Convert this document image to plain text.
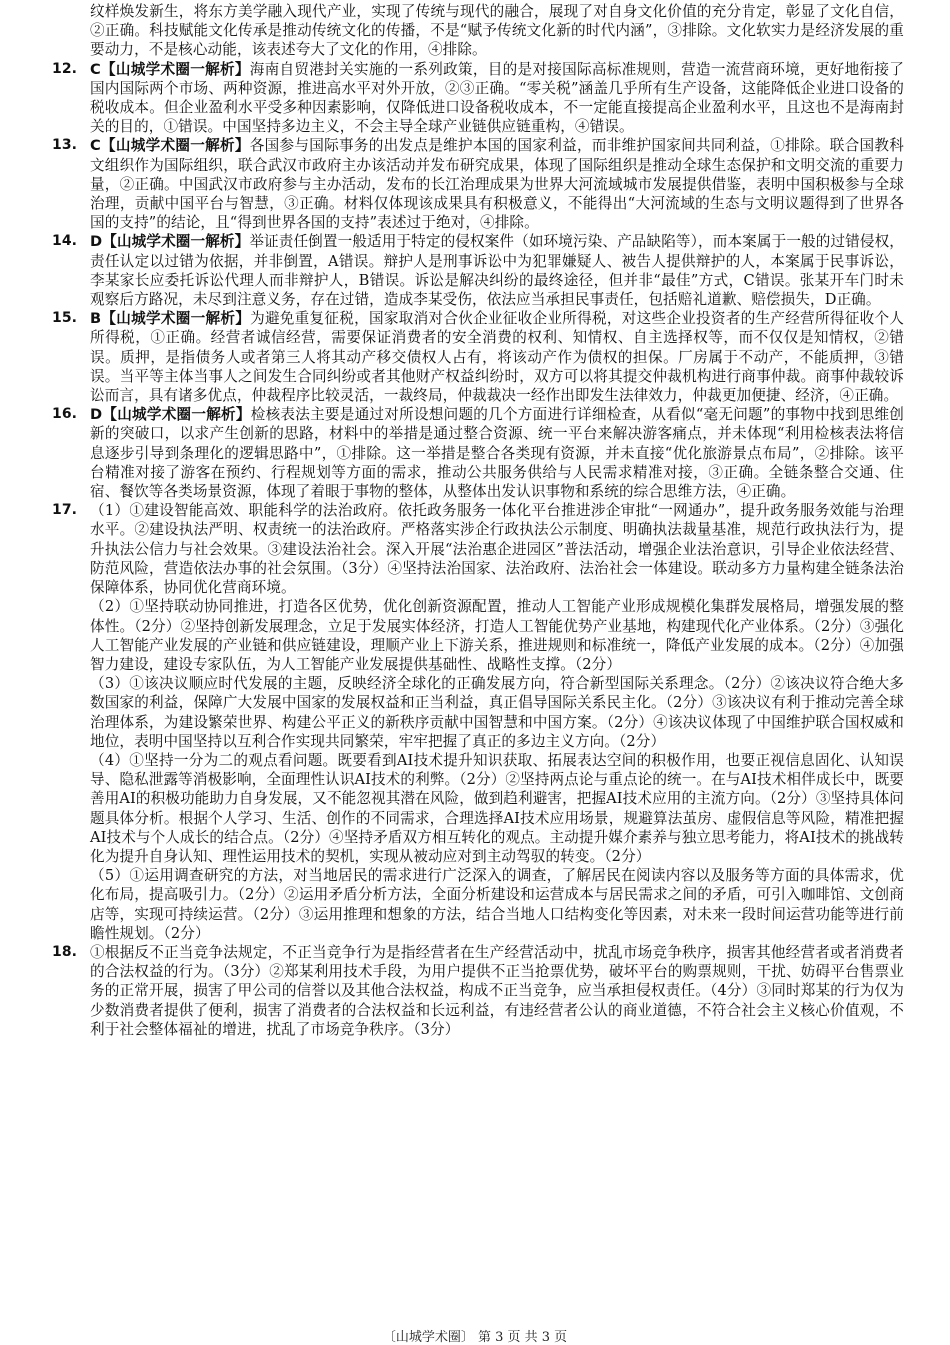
纹样焕发新生，将东方美学融入现代产业，实现了传统与现代的融合，展现了对自身文化价值的充分肯定，彰显了文化自信，②正确。科技赋能文化传承是推动传统文化的传播，不是“赋予传统文化新的时代内涵”，③排除。文化软实力是经济发展的重要动力，不是核心动能，该表述夸大了文化的作用，④排除。

12. C【山城学术圈一解析】海南自贸港封关实施的一系列政策，目的是对接国际高标准规则，营造一流营商环境，更好地衔接了国内国际两个市场、两种资源，推进高水平对外开放，②③正确。“零关税”涵盖几乎所有生产设备，这能降低企业进口设备的税收成本。但企业盈利水平受多种因素影响，仅降低进口设备税收成本，不一定能直接提高企业盈利水平，且这也不是海南封关的目的，①错误。中国坚持多边主义，不会主导全球产业链供应链重构，④错误。

13. C【山城学术圈一解析】各国参与国际事务的出发点是维护本国的国家利益，而非维护国家间共同利益，①排除。联合国教科文组织作为国际组织，联合武汉市政府主办该活动并发布研究成果，体现了国际组织是推动全球生态保护和文明交流的重要力量，②正确。中国武汉市政府参与主办活动，发布的长江治理成果为世界大河流域城市发展提供借鉴，表明中国积极参与全球治理，贡献中国平台与智慧，③正确。材料仅体现该成果具有积极意义，不能得出“大河流域的生态与文明议题得到了世界各国的支持”的结论，且“得到世界各国的支持”表述过于绝对，④排除。

14. D【山城学术圈一解析】举证责任倒置一般适用于特定的侵权案件（如环境污染、产品缺陷等），而本案属于一般的过错侵权，责任认定以过错为依据，并非倒置，A错误。辩护人是刑事诉讼中为犯罪嫌疑人、被告人提供辩护的人，本案属于民事诉讼，李某家长应委托诉讼代理人而非辩护人，B错误。诉讼是解决纠纷的最终途径，但并非“最佳”方式，C错误。张某开车门时未观察后方路况，未尽到注意义务，存在过错，造成李某受伤，依法应当承担民事责任，包括赔礼道歉、赔偿损失，D正确。

15. B【山城学术圈一解析】为避免重复征税，国家取消对合伙企业征收企业所得税，对这些企业投资者的生产经营所得征收个人所得税，①正确。经营者诚信经营，需要保证消费者的安全消费的权利、知情权、自主选择权等，而不仅仅是知情权，②错误。质押，是指债务人或者第三人将其动产移交债权人占有，将该动产作为债权的担保。厂房属于不动产，不能质押，③错误。当平等主体当事人之间发生合同纠纷或者其他财产权益纠纷时，双方可以将其提交仲裁机构进行商事仲裁。商事仲裁较诉讼而言，具有诸多优点，仲裁程序比较灵活，一裁终局，仲裁裁决一经作出即发生法律效力，仲裁更加便捷、经济，④正确。

16. D【山城学术圈一解析】检核表法主要是通过对所设想问题的几个方面进行详细检查，从看似“毫无问题”的事物中找到思维创新的突破口，以求产生创新的思路，材料中的举措是通过整合资源、统一平台来解决游客痛点，并未体现“利用检核表法将信息逐步引导到条理化的逻辑思路中”，①排除。这一举措是整合各类现有资源，并未直接“优化旅游景点布局”，②排除。该平台精准对接了游客在预约、行程规划等方面的需求，推动公共服务供给与人民需求精准对接，③正确。全链条整合交通、住宿、餐饮等各类场景资源，体现了着眼于事物的整体，从整体出发认识事物和系统的综合思维方法，④正确。

17. （1）①建设智能高效、职能科学的法治政府。依托政务服务一体化平台推进涉企审批“一网通办”，提升政务服务效能与治理水平。②建设执法严明、权责统一的法治政府。严格落实涉企行政执法公示制度、明确执法裁量基准，规范行政执法行为，提升执法公信力与社会效果。③建设法治社会。深入开展“法治惠企进园区”普法活动，增强企业法治意识，引导企业依法经营、防范风险，营造依法办事的社会氛围。（3分）④坚持法治国家、法治政府、法治社会一体建设。联动多方力量构建全链条法治保障体系，协同优化营商环境。

（2）①坚持联动协同推进，打造各区优势，优化创新资源配置，推动人工智能产业形成规模化集群发展格局，增强发展的整体性。（2分）②坚持创新发展理念，立足于发展实体经济，打造人工智能优势产业基地，构建现代化产业体系。（2分）③强化人工智能产业发展的产业链和供应链建设，理顺产业上下游关系，推进规则和标准统一，降低产业发展的成本。（2分）④加强智力建设，建设专家队伍，为人工智能产业发展提供基础性、战略性支撑。（2分）

（3）①该决议顺应时代发展的主题，反映经济全球化的正确发展方向，符合新型国际关系理念。（2分）②该决议符合绝大多数国家的利益，保障广大发展中国家的发展权益和正当利益，真正倡导国际关系民主化。（2分）③该决议有利于推动完善全球治理体系，为建设繁荣世界、构建公平正义的新秩序贡献中国智慧和中国方案。（2分）④该决议体现了中国维护联合国权威和地位，表明中国坚持以互利合作实现共同繁荣，牢牢把握了真正的多边主义方向。（2分）

（4）①坚持一分为二的观点看问题。既要看到AI技术提升知识获取、拓展表达空间的积极作用，也要正视信息固化、认知误导、隐私泄露等消极影响，全面理性认识AI技术的利弊。（2分）②坚持两点论与重点论的统一。在与AI技术相伴成长中，既要善用AI的积极功能助力自身发展，又不能忽视其潜在风险，做到趋利避害，把握AI技术应用的主流方向。（2分）③坚持具体问题具体分析。根据个人学习、生活、创作的不同需求，合理选择AI技术应用场景，规避算法茧房、虚假信息等风险，精准把握AI技术与个人成长的结合点。（2分）④坚持矛盾双方相互转化的观点。主动提升媒介素养与独立思考能力，将AI技术的挑战转化为提升自身认知、理性运用技术的契机，实现从被动应对到主动驾驭的转变。（2分）

（5）①运用调查研究的方法，对当地居民的需求进行广泛深入的调查，了解居民在阅读内容以及服务等方面的具体需求，优化布局，提高吸引力。（2分）②运用矛盾分析方法，全面分析建设和运营成本与居民需求之间的矛盾，可引入咖啡馆、文创商店等，实现可持续运营。（2分）③运用推理和想象的方法，结合当地人口结构变化等因素，对未来一段时间运营功能等进行前瞻性规划。（2分）

18. ①根据反不正当竞争法规定，不正当竞争行为是指经营者在生产经营活动中，扰乱市场竞争秩序，损害其他经营者或者消费者的合法权益的行为。（3分）②郑某利用技术手段，为用户提供不正当抢票优势，破坏平台的购票规则，干扰、妨碍平台售票业务的正常开展，损害了甲公司的信誉以及其他合法权益，构成不正当竞争，应当承担侵权责任。（4分）③同时郑某的行为仅为少数消费者提供了便利，损害了消费者的合法权益和长远利益，有违经营者公认的商业道德，不符合社会主义核心价值观，不利于社会整体福祉的增进，扰乱了市场竞争秩序。（3分）

〔山城学术圈〕 第 3 页 共 3 页
